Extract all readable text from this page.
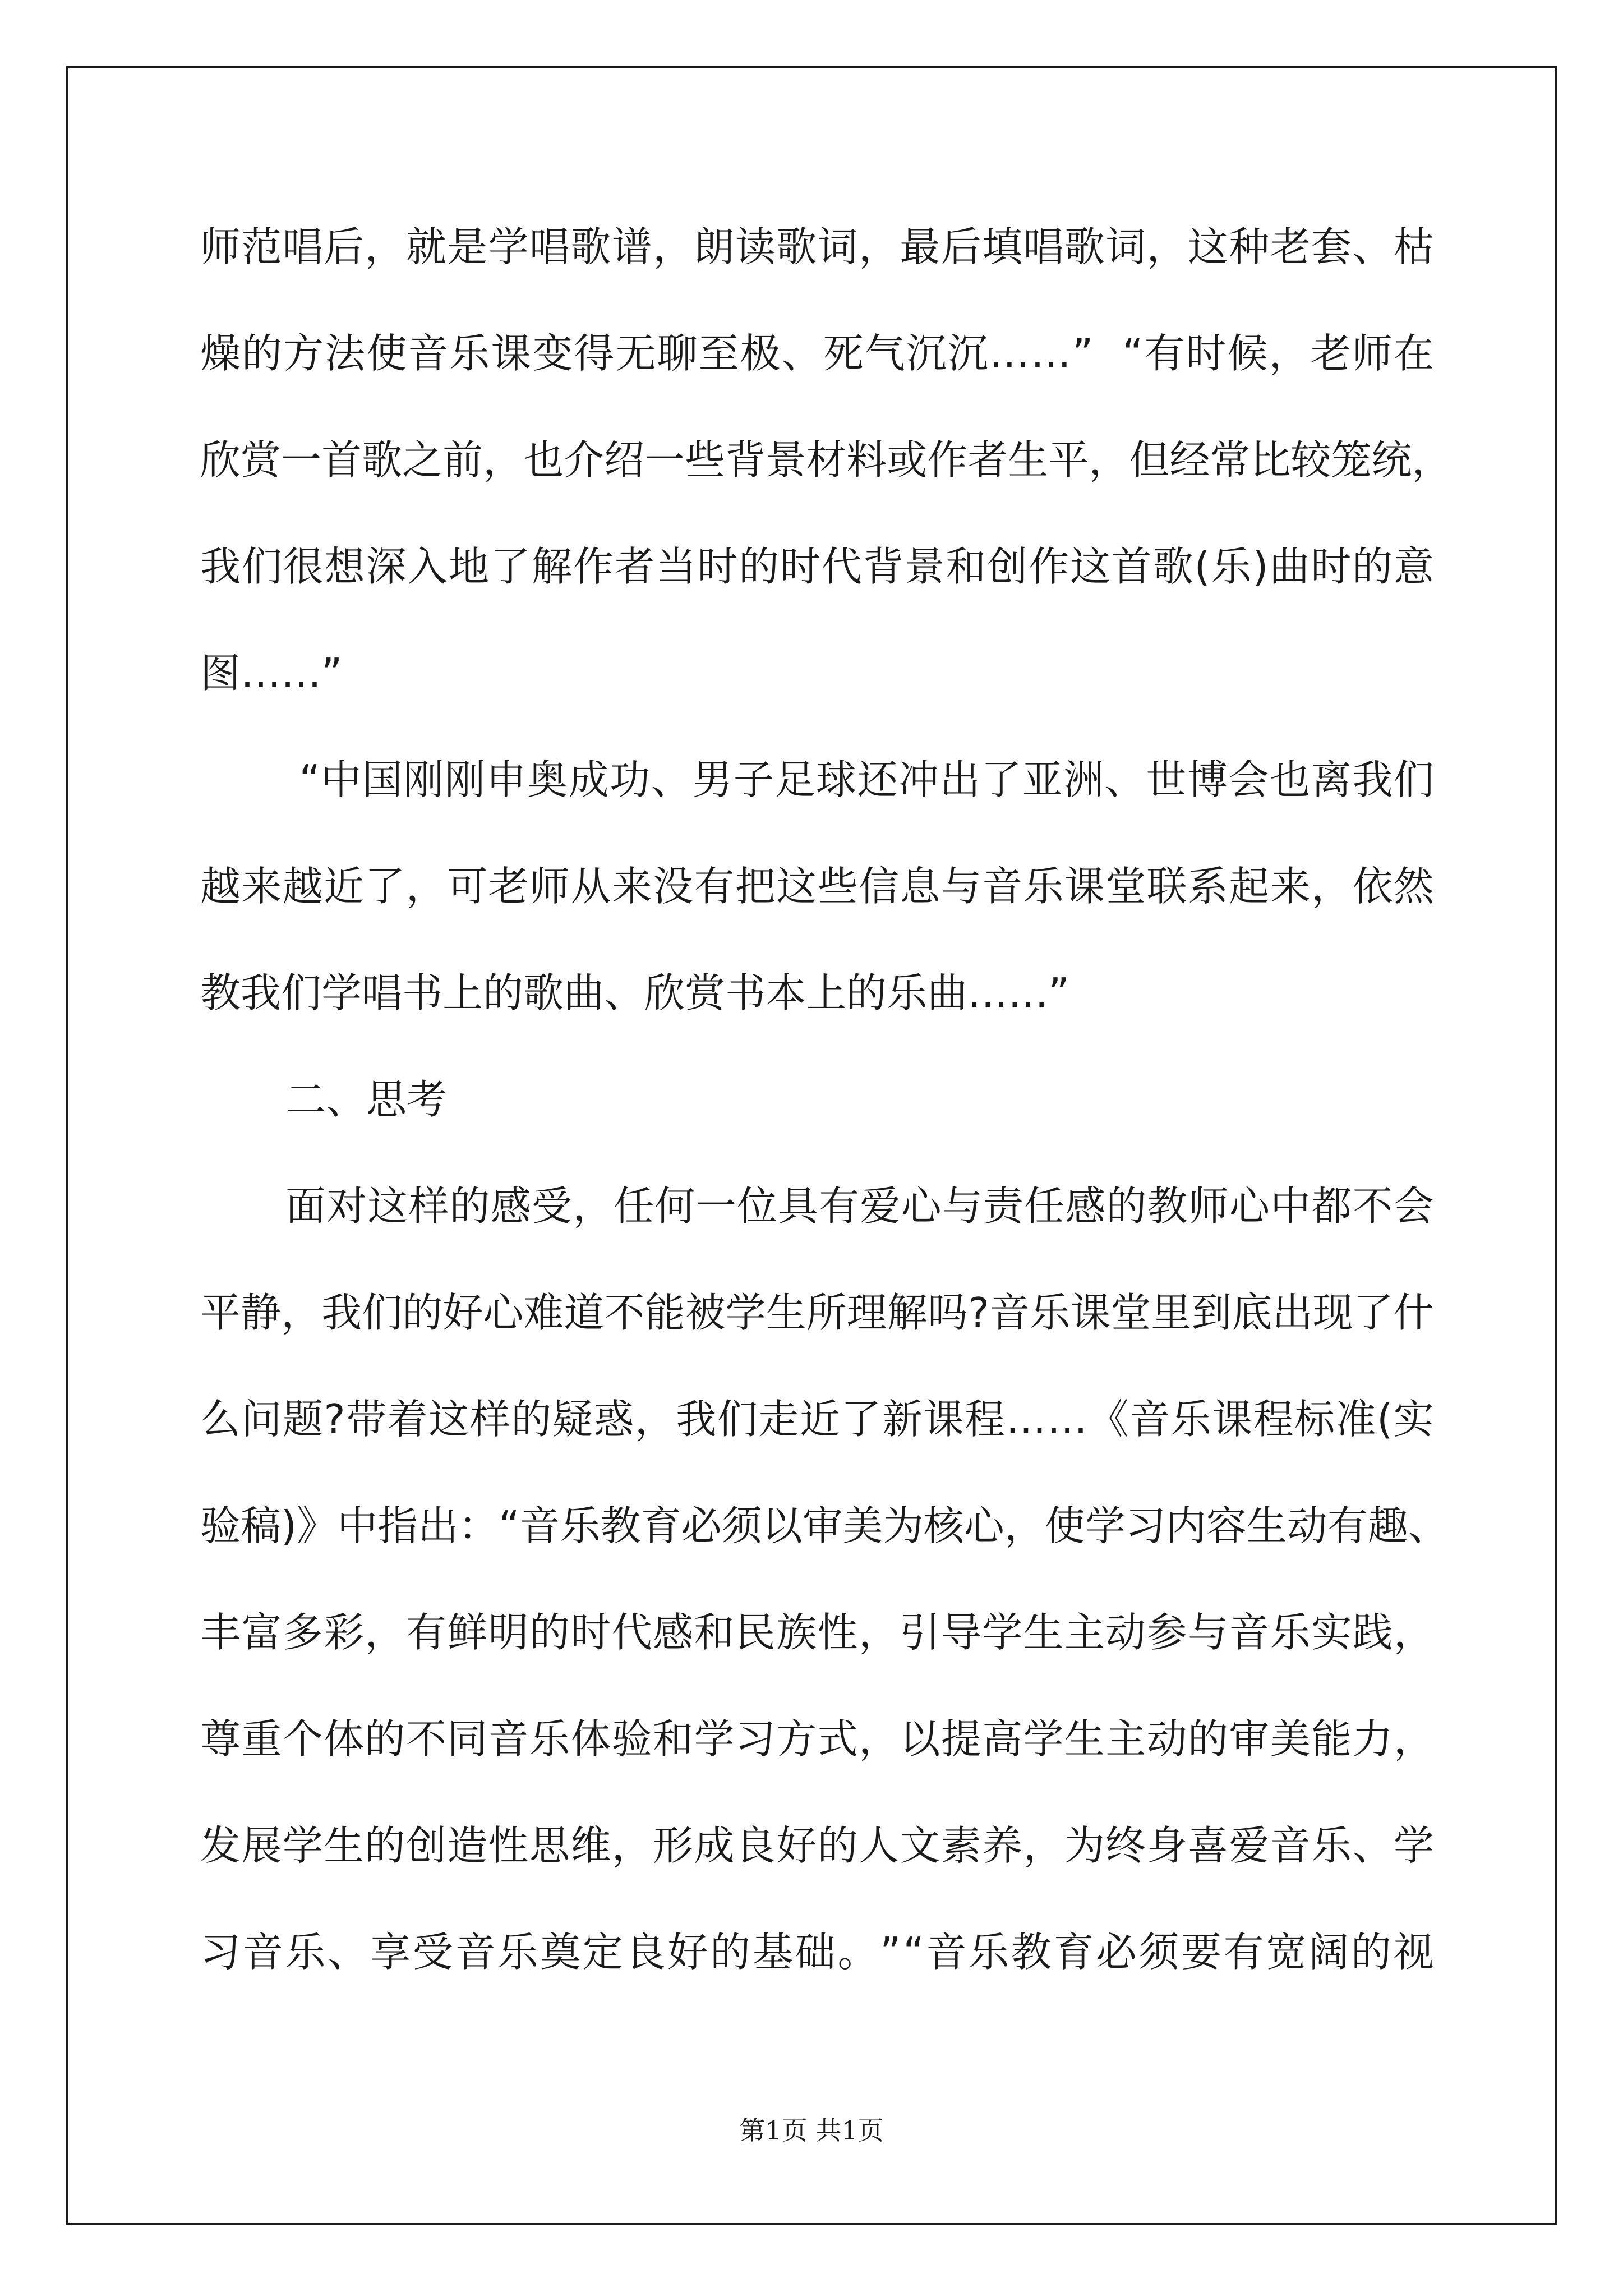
师 范 唱 后 ， 就 是 学 唱 歌 谱 ， 朗 读 歌 词 ， 最 后 填 唱 歌 词 ， 这 种 老 套 、 枯
燥 的 方 法 使 音 乐 课 变 得 无 聊 至 极 、 死 气 沉 沉 … … ”

“ 有 时 候 ， 老 师 在
欣 赏 一 首 歌 之 前 ， 也 介 绍 一 些 背 景 材 料 或 作 者 生 平 ， 但 经 常 比 较 笼 统 ，
我 们 很 想 深 入 地 了 解 作 者 当 时 的 时 代 背 景 和 创 作 这 首 歌 ( 乐 ) 曲 时 的 意
图 … … ”

“ 中 国 刚 刚 申 奥 成 功 、 男 子 足 球 还 冲 出 了 亚 洲 、 世 博 会 也 离 我 们
越 来 越 近 了 ， 可 老 师 从 来 没 有 把 这 些 信 息 与 音 乐 课 堂 联 系 起 来 ， 依 然
教 我 们 学 唱 书 上 的 歌 曲 、 欣 赏 书 本 上 的 乐 曲 … … ”
二 、 思 考
面 对 这 样 的 感 受 ， 任 何 一 位 具 有 爱 心 与 责 任 感 的 教 师 心 中 都 不 会
平 静 ， 我 们 的 好 心 难 道 不 能 被 学 生 所 理 解 吗 ? 音 乐 课 堂 里 到 底 出 现 了 什
么 问 题 ? 带 着 这 样 的 疑 惑 ， 我 们 走 近 了 新 课 程 … … 《 音 乐 课 程 标 准 ( 实
验 稿 ) 》 中 指 出 ： “ 音 乐 教 育 必 须 以 审 美 为 核 心 ， 使 学 习 内 容 生 动 有 趣 、
丰 富 多 彩 ， 有 鲜 明 的 时 代 感 和 民 族 性 ， 引 导 学 生 主 动 参 与 音 乐 实 践 ，
尊 重 个 体 的 不 同 音 乐 体 验 和 学 习 方 式 ， 以 提 高 学 生 主 动 的 审 美 能 力 ，
发 展 学 生 的 创 造 性 思 维 ， 形 成 良 好 的 人 文 素 养 ， 为 终 身 喜 爱 音 乐 、 学
习 音 乐 、 享 受 音 乐 奠 定 良 好 的 基 础 。 ” “ 音 乐 教 育 必 须 要 有 宽 阔 的 视
第1页 共1页
